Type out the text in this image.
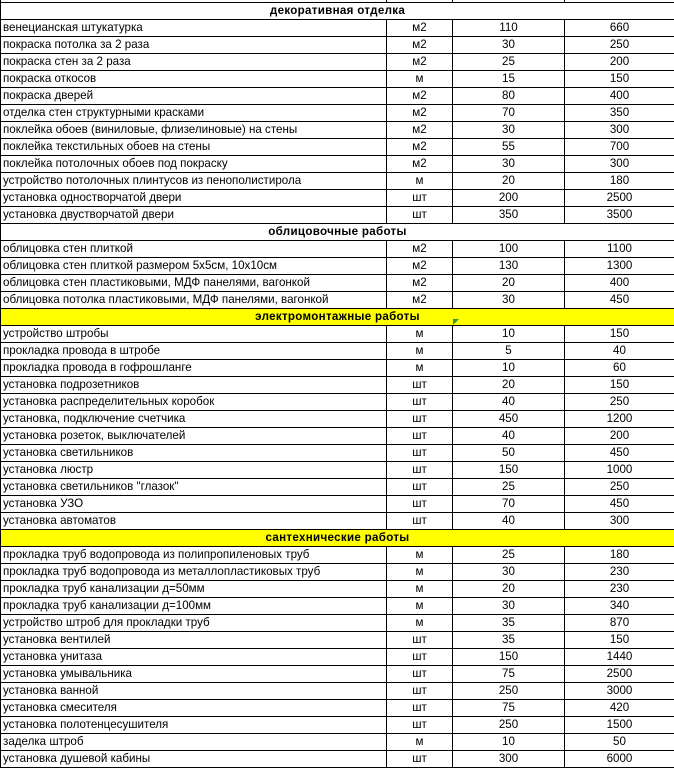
декоративная отделка			
венецианская штукатурка	м2	110	660
покраска потолка за 2 раза	м2	30	250
покраска стен за 2 раза	м2	25	200
покраска откосов	м	15	150
покраска дверей	м2	80	400
отделка стен структурными красками	м2	70	350
поклейка обоев (виниловые, флизелиновые) на стены	м2	30	300
поклейка текстильных обоев на стены	м2	55	700
поклейка потолочных обоев под покраску	м2	30	300
устройство потолочных плинтусов из пенополистирола	м	20	180
установка одностворчатой двери	шт	200	2500
установка двустворчатой двери	шт	350	3500
облицовочные работы			
облицовка стен плиткой	м2	100	1100
облицовка стен плиткой размером 5х5см, 10х10см	м2	130	1300
облицовка стен пластиковыми, МДФ панелями, вагонкой	м2	20	400
облицовка потолка пластиковыми, МДФ панелями, вагонкой	м2	30	450
электромонтажные работы			
устройство штробы	м	10	150
прокладка провода в штробе	м	5	40
прокладка провода в гофрошланге	м	10	60
установка подрозетников	шт	20	150
установка распределительных коробок	шт	40	250
установка, подключение счетчика	шт	450	1200
установка розеток, выключателей	шт	40	200
установка светильников	шт	50	450
установка люстр	шт	150	1000
установка светильников "глазок"	шт	25	250
установка УЗО	шт	70	450
установка автоматов	шт	40	300
сантехнические работы			
прокладка труб водопровода из полипропиленовых труб	м	25	180
прокладка труб водопровода из металлопластиковых труб	м	30	230
прокладка труб канализации д=50мм	м	20	230
прокладка труб канализации д=100мм	м	30	340
устройство штроб для прокладки труб	м	35	870
установка вентилей	шт	35	150
установка унитаза	шт	150	1440
установка умывальника	шт	75	2500
установка ванной	шт	250	3000
установка смесителя	шт	75	420
установка полотенцесушителя	шт	250	1500
заделка штроб	м	10	50
установка душевой кабины	шт	300	6000
